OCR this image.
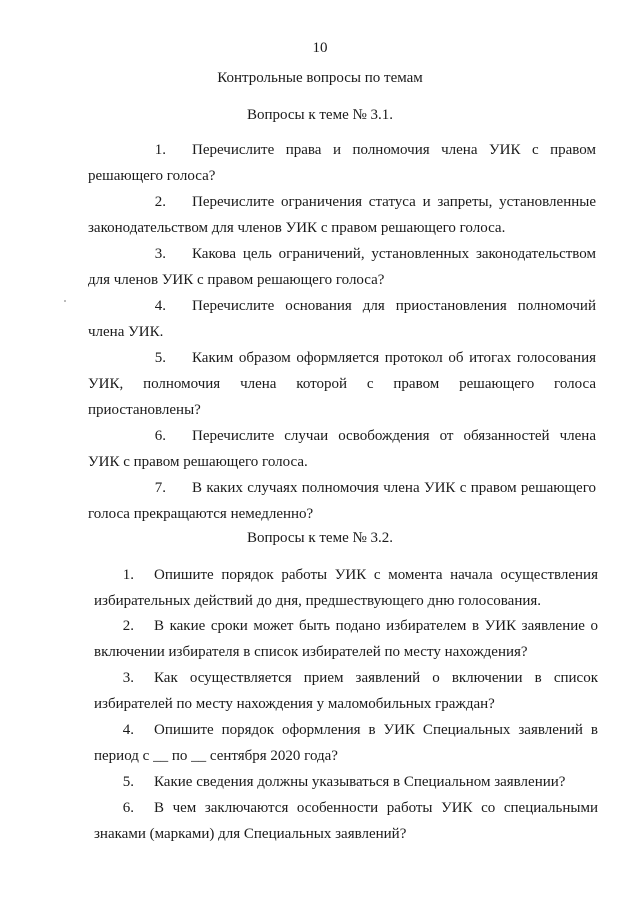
10
Контрольные вопросы по темам
Вопросы к теме № 3.1.
1. Перечислите права и полномочия члена УИК с правом решающего голоса?
2. Перечислите ограничения статуса и запреты, установленные законодательством для членов УИК с правом решающего голоса.
3. Какова цель ограничений, установленных законодательством для членов УИК с правом решающего голоса?
4. Перечислите основания для приостановления полномочий члена УИК.
5. Каким образом оформляется протокол об итогах голосования УИК, полномочия члена которой с правом решающего голоса приостановлены?
6. Перечислите случаи освобождения от обязанностей члена УИК с правом решающего голоса.
7. В каких случаях полномочия члена УИК с правом решающего голоса прекращаются немедленно?
Вопросы к теме № 3.2.
1. Опишите порядок работы УИК с момента начала осуществления избирательных действий до дня, предшествующего дню голосования.
2. В какие сроки может быть подано избирателем в УИК заявление о включении избирателя в список избирателей по месту нахождения?
3. Как осуществляется прием заявлений о включении в список избирателей по месту нахождения у маломобильных граждан?
4. Опишите порядок оформления в УИК Специальных заявлений в период с __ по __ сентября 2020 года?
5. Какие сведения должны указываться в Специальном заявлении?
6. В чем заключаются особенности работы УИК со специальными знаками (марками) для Специальных заявлений?
